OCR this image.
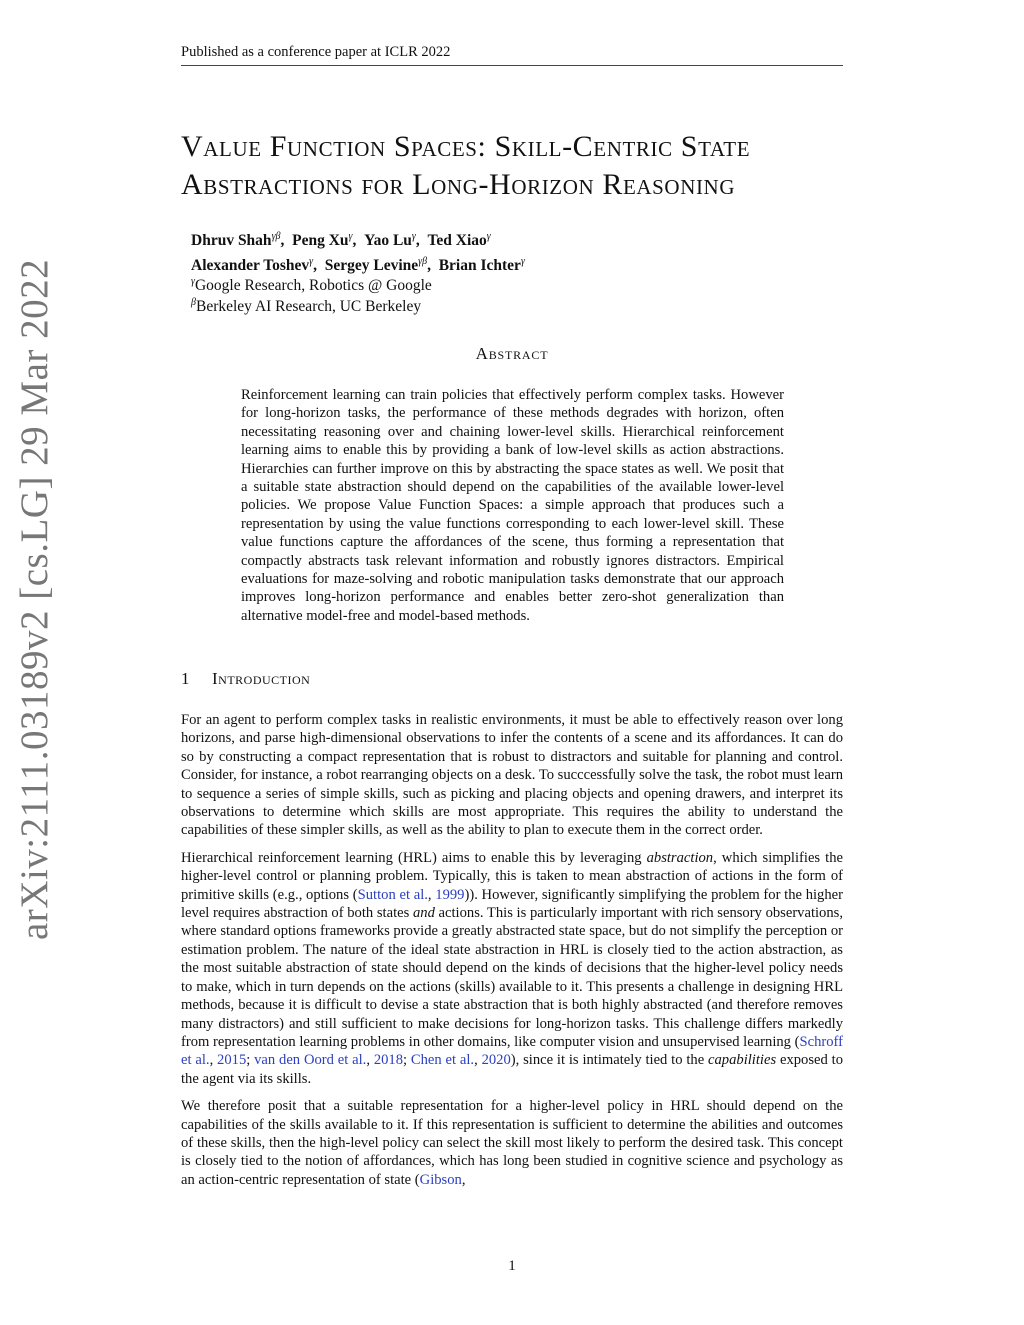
Published as a conference paper at ICLR 2022
arXiv:2111.03189v2 [cs.LG] 29 Mar 2022
Value Function Spaces: Skill-Centric State
Abstractions for Long-Horizon Reasoning
Dhruv Shah$^{\gamma\beta}$,  Peng $Xu^\gamma$,  Yao $Lu^\gamma$,  Ted Xiao$^\gamma$
Alexander Toshev$^\gamma$,  Sergey Levine$^{\gamma\beta}$,  Brian Ichter$^\gamma$
$^\gamma$Google Research, Robotics @ Google
$^\beta$Berkeley AI Research, UC Berkeley
Abstract
Reinforcement learning can train policies that effectively perform complex tasks. However for long-horizon tasks, the performance of these methods degrades with horizon, often necessitating reasoning over and chaining lower-level skills. Hierarchical reinforcement learning aims to enable this by providing a bank of low-level skills as action abstractions. Hierarchies can further improve on this by abstracting the space states as well. We posit that a suitable state abstraction should depend on the capabilities of the available lower-level policies. We propose Value Function Spaces: a simple approach that produces such a representation by using the value functions corresponding to each lower-level skill. These value functions capture the affordances of the scene, thus forming a representation that compactly abstracts task relevant information and robustly ignores distractors. Empirical evaluations for maze-solving and robotic manipulation tasks demonstrate that our approach improves long-horizon performance and enables better zero-shot generalization than alternative model-free and model-based methods.
1 Introduction

For an agent to perform complex tasks in realistic environments, it must be able to effectively reason over long horizons, and parse high-dimensional observations to infer the contents of a scene and its affordances. It can do so by constructing a compact representation that is robust to distractors and suitable for planning and control. Consider, for instance, a robot rearranging objects on a desk. To succcessfully solve the task, the robot must learn to sequence a series of simple skills, such as picking and placing objects and opening drawers, and interpret its observations to determine which skills are most appropriate. This requires the ability to understand the capabilities of these simpler skills, as well as the ability to plan to execute them in the correct order.

Hierarchical reinforcement learning (HRL) aims to enable this by leveraging abstraction, which simplifies the higher-level control or planning problem. Typically, this is taken to mean abstraction of actions in the form of primitive skills (e.g., options (Sutton et al., 1999)). However, significantly simplifying the problem for the higher level requires abstraction of both states and actions. This is particularly important with rich sensory observations, where standard options frameworks provide a greatly abstracted state space, but do not simplify the perception or estimation problem. The nature of the ideal state abstraction in HRL is closely tied to the action abstraction, as the most suitable abstraction of state should depend on the kinds of decisions that the higher-level policy needs to make, which in turn depends on the actions (skills) available to it. This presents a challenge in designing HRL methods, because it is difficult to devise a state abstraction that is both highly abstracted (and therefore removes many distractors) and still sufficient to make decisions for long-horizon tasks. This challenge differs markedly from representation learning problems in other domains, like computer vision and unsupervised learning (Schroff et al., 2015; van den Oord et al., 2018; Chen et al., 2020), since it is intimately tied to the capabilities exposed to the agent via its skills.

We therefore posit that a suitable representation for a higher-level policy in HRL should depend on the capabilities of the skills available to it. If this representation is sufficient to determine the abilities and outcomes of these skills, then the high-level policy can select the skill most likely to perform the desired task. This concept is closely tied to the notion of affordances, which has long been studied in cognitive science and psychology as an action-centric representation of state (Gibson,

1
